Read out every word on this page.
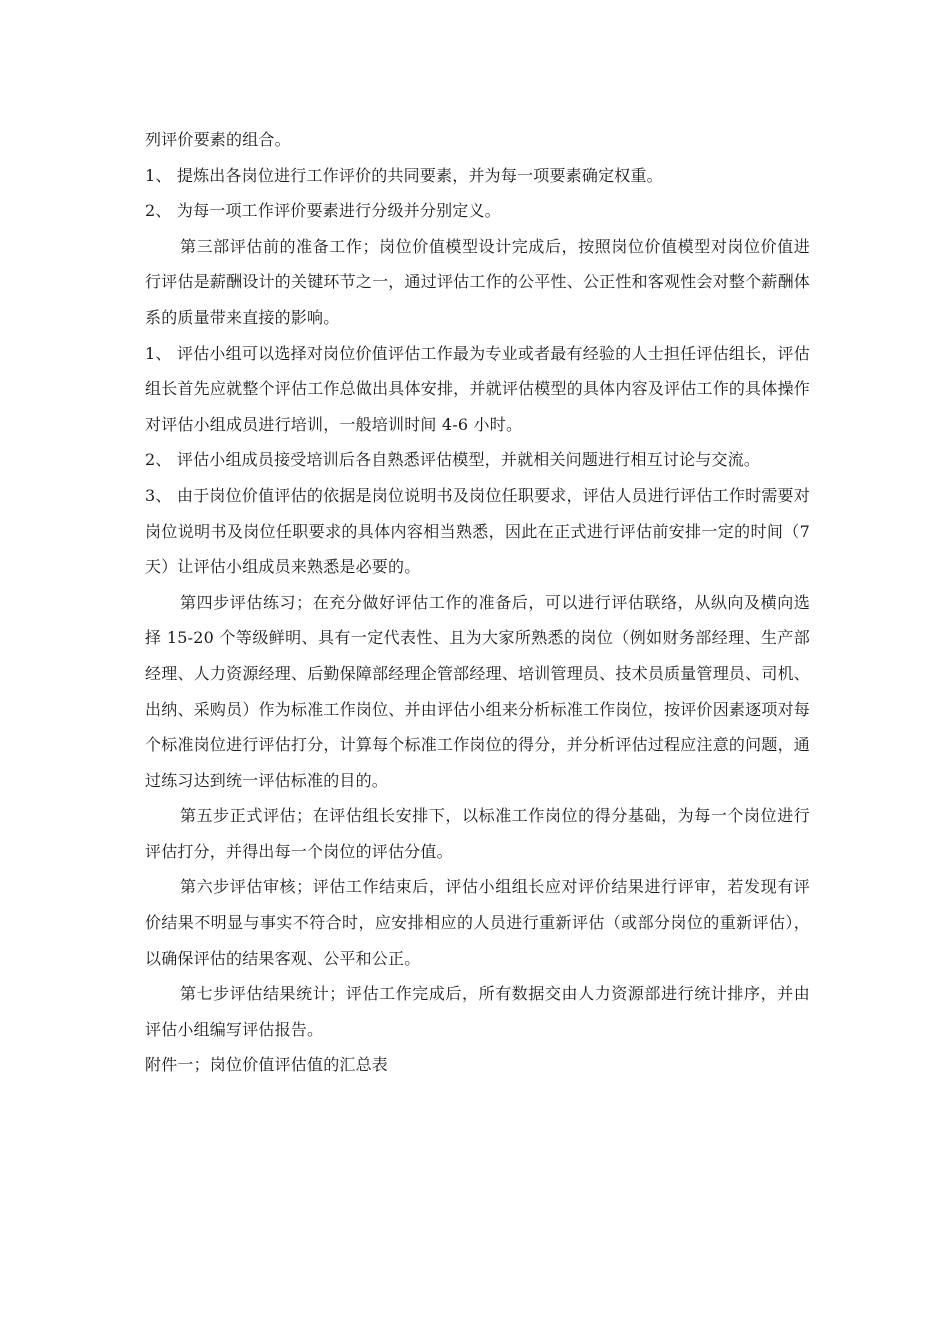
列评价要素的组合。

1、 提炼出各岗位进行工作评价的共同要素，并为每一项要素确定权重。

2、 为每一项工作评价要素进行分级并分别定义。

第三部评估前的准备工作；岗位价值模型设计完成后，按照岗位价值模型对岗位价值进行评估是薪酬设计的关键环节之一，通过评估工作的公平性、公正性和客观性会对整个薪酬体系的质量带来直接的影响。

1、 评估小组可以选择对岗位价值评估工作最为专业或者最有经验的人士担任评估组长，评估组长首先应就整个评估工作总做出具体安排，并就评估模型的具体内容及评估工作的具体操作对评估小组成员进行培训，一般培训时间 4-6 小时。

2、 评估小组成员接受培训后各自熟悉评估模型，并就相关问题进行相互讨论与交流。

3、 由于岗位价值评估的依据是岗位说明书及岗位任职要求，评估人员进行评估工作时需要对岗位说明书及岗位任职要求的具体内容相当熟悉，因此在正式进行评估前安排一定的时间（7 天）让评估小组成员来熟悉是必要的。

第四步评估练习；在充分做好评估工作的准备后，可以进行评估联络，从纵向及横向选择 15-20 个等级鲜明、具有一定代表性、且为大家所熟悉的岗位（例如财务部经理、生产部经理、人力资源经理、后勤保障部经理企管部经理、培训管理员、技术员质量管理员、司机、出纳、采购员）作为标准工作岗位、并由评估小组来分析标准工作岗位，按评价因素逐项对每个标准岗位进行评估打分，计算每个标准工作岗位的得分，并分析评估过程应注意的问题，通过练习达到统一评估标准的目的。

第五步正式评估；在评估组长安排下，以标准工作岗位的得分基础，为每一个岗位进行评估打分，并得出每一个岗位的评估分值。

第六步评估审核；评估工作结束后，评估小组组长应对评价结果进行评审，若发现有评价结果不明显与事实不符合时，应安排相应的人员进行重新评估（或部分岗位的重新评估），以确保评估的结果客观、公平和公正。

第七步评估结果统计；评估工作完成后，所有数据交由人力资源部进行统计排序，并由评估小组编写评估报告。

附件一；岗位价值评估值的汇总表
